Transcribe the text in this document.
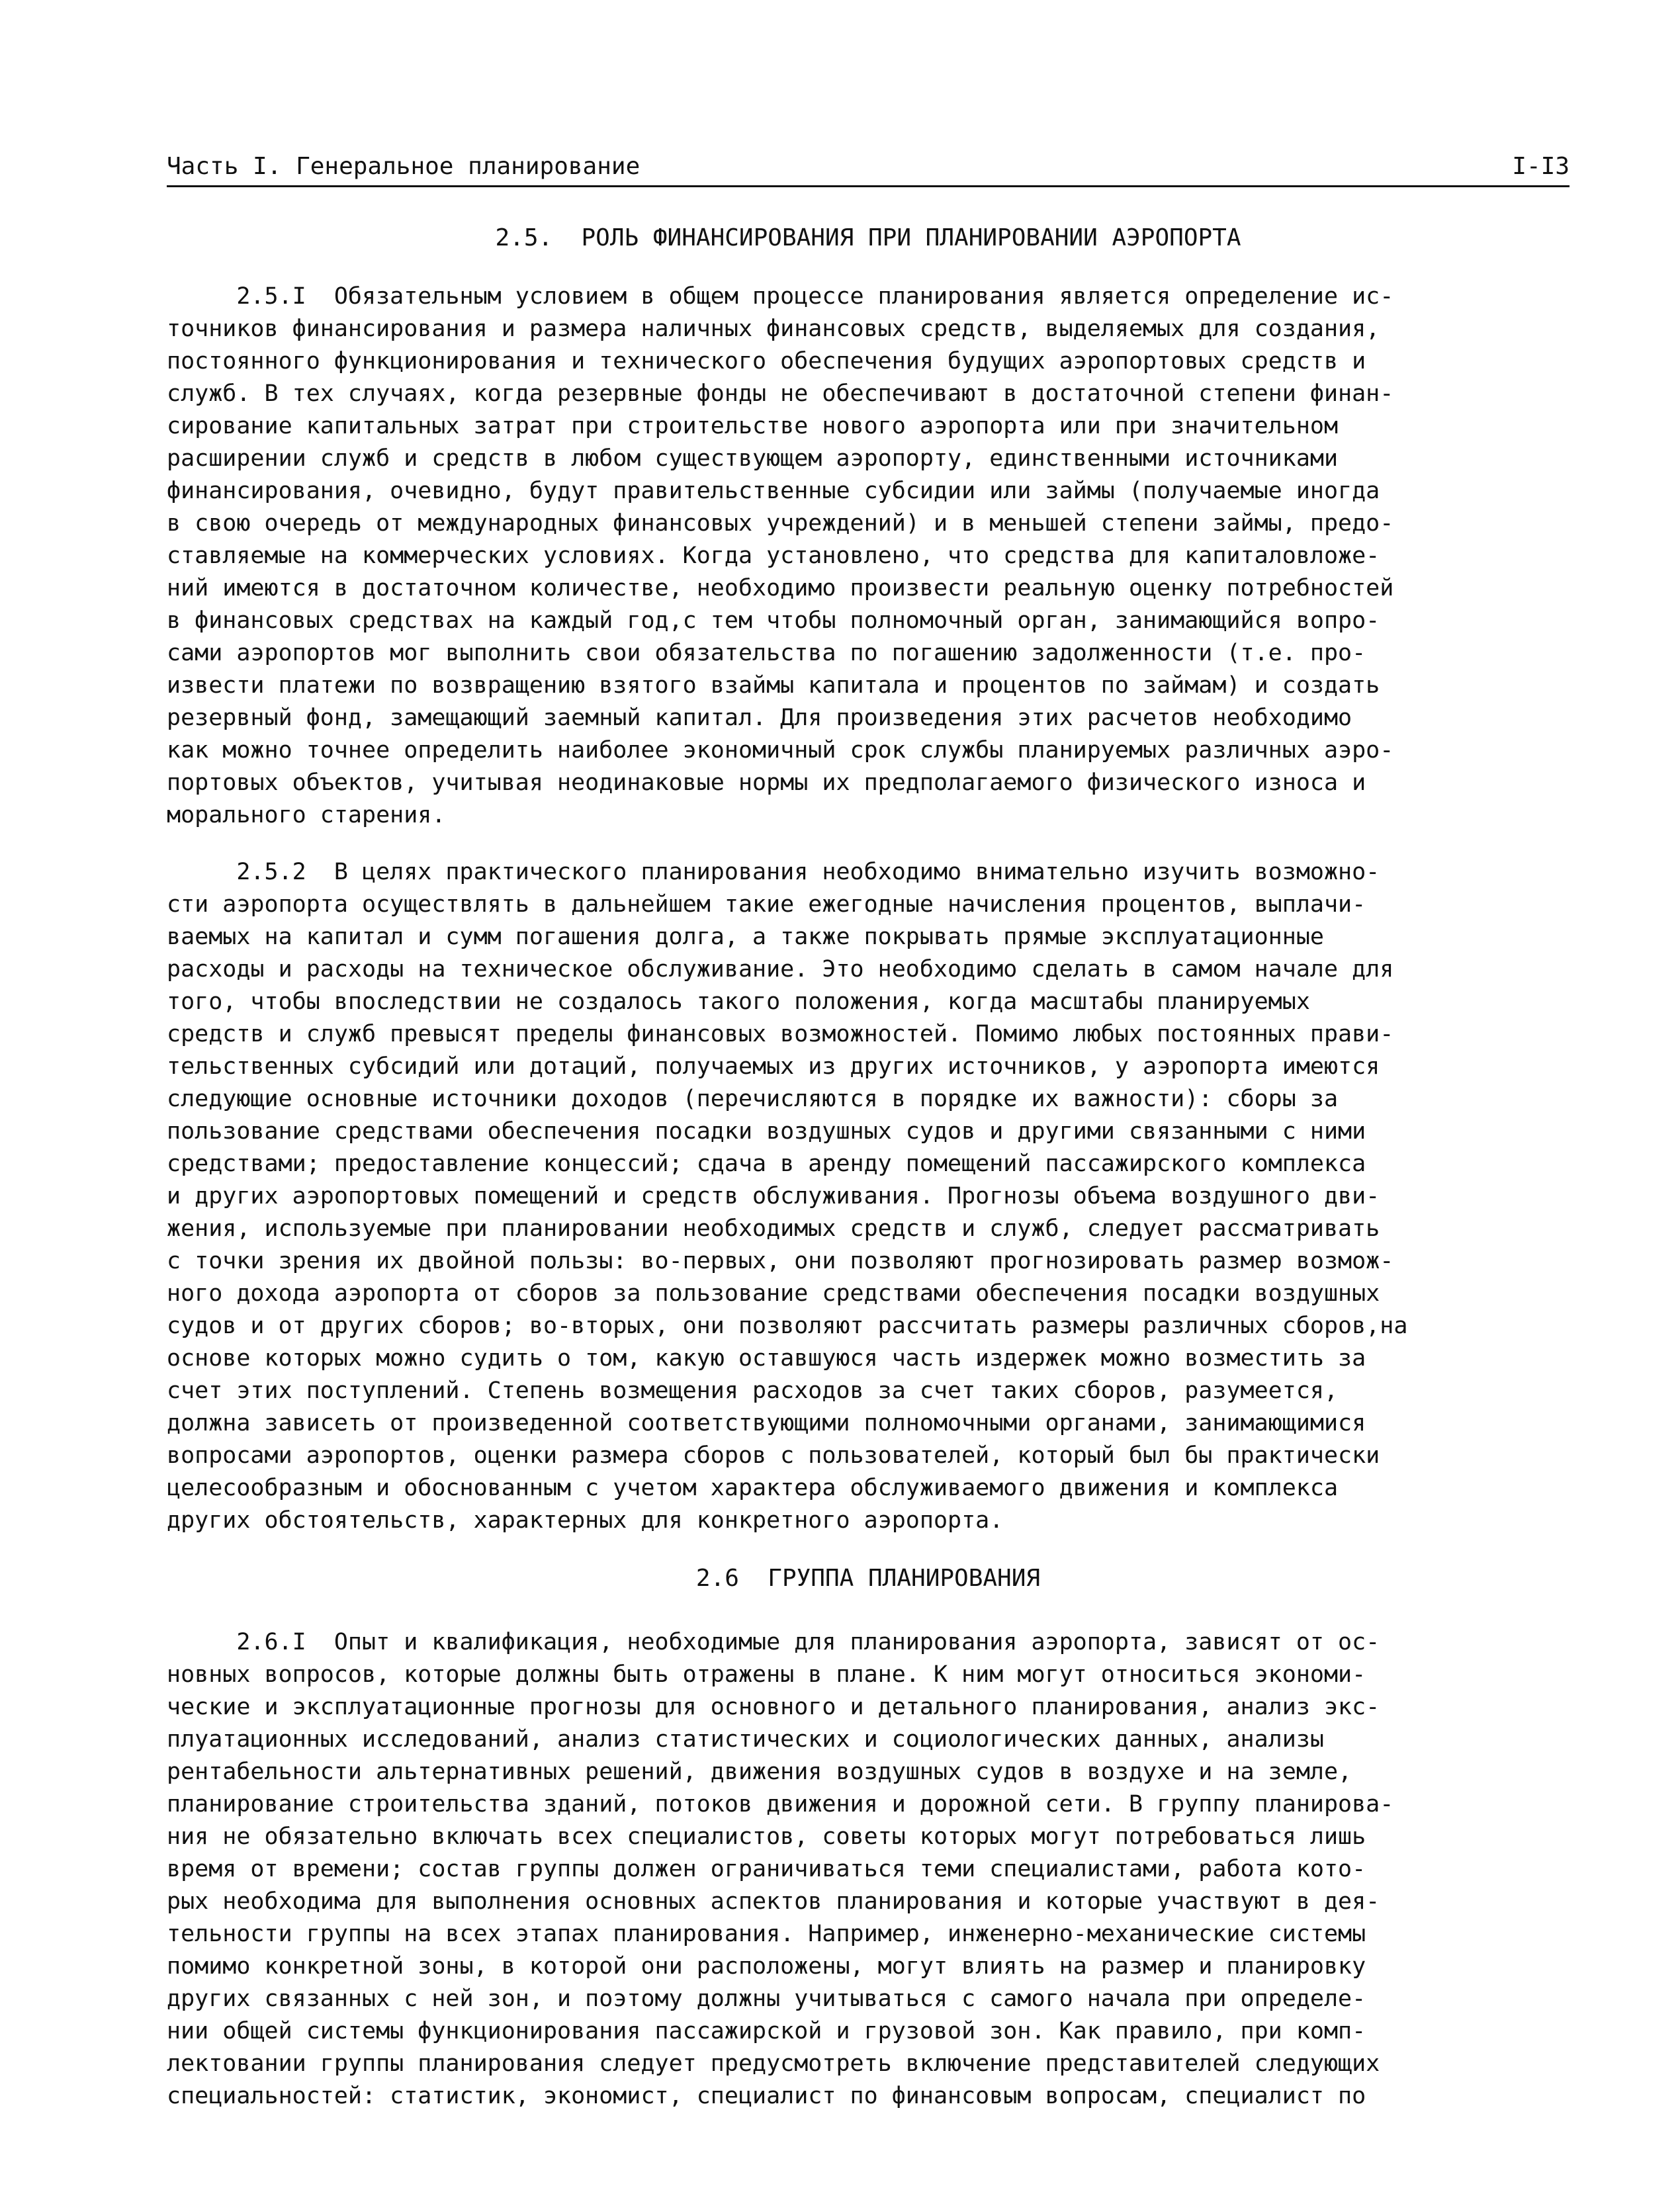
Часть I. Генеральное планирование	I-I3
2.5.  РОЛЬ ФИНАНСИРОВАНИЯ ПРИ ПЛАНИРОВАНИИ АЭРОПОРТА
2.5.I  Обязательным условием в общем процессе планирования является определение ис-
точников финансирования и размера наличных финансовых средств, выделяемых для создания,
постоянного функционирования и технического обеспечения будущих аэропортовых средств и
служб. В тех случаях, когда резервные фонды не обеспечивают в достаточной степени финан-
сирование капитальных затрат при строительстве нового аэропорта или при значительном
расширении служб и средств в любом существующем аэропорту, единственными источниками
финансирования, очевидно, будут правительственные субсидии или займы (получаемые иногда
в свою очередь от международных финансовых учреждений) и в меньшей степени займы, предо-
ставляемые на коммерческих условиях. Когда установлено, что средства для капиталовложе-
ний имеются в достаточном количестве, необходимо произвести реальную оценку потребностей
в финансовых средствах на каждый год,с тем чтобы полномочный орган, занимающийся вопро-
сами аэропортов мог выполнить свои обязательства по погашению задолженности (т.е. про-
извести платежи по возвращению взятого взаймы капитала и процентов по займам) и создать
резервный фонд, замещающий заемный капитал. Для произведения этих расчетов необходимо
как можно точнее определить наиболее экономичный срок службы планируемых различных аэро-
портовых объектов, учитывая неодинаковые нормы их предполагаемого физического износа и
морального старения.
2.5.2  В целях практического планирования необходимо внимательно изучить возможно-
сти аэропорта осуществлять в дальнейшем такие ежегодные начисления процентов, выплачи-
ваемых на капитал и сумм погашения долга, а также покрывать прямые эксплуатационные
расходы и расходы на техническое обслуживание. Это необходимо сделать в самом начале для
того, чтобы впоследствии не создалось такого положения, когда масштабы планируемых
средств и служб превысят пределы финансовых возможностей. Помимо любых постоянных прави-
тельственных субсидий или дотаций, получаемых из других источников, у аэропорта имеются
следующие основные источники доходов (перечисляются в порядке их важности): сборы за
пользование средствами обеспечения посадки воздушных судов и другими связанными с ними
средствами; предоставление концессий; сдача в аренду помещений пассажирского комплекса
и других аэропортовых помещений и средств обслуживания. Прогнозы объема воздушного дви-
жения, используемые при планировании необходимых средств и служб, следует рассматривать
с точки зрения их двойной пользы: во-первых, они позволяют прогнозировать размер возмож-
ного дохода аэропорта от сборов за пользование средствами обеспечения посадки воздушных
судов и от других сборов; во-вторых, они позволяют рассчитать размеры различных сборов,на
основе которых можно судить о том, какую оставшуюся часть издержек можно возместить за
счет этих поступлений. Степень возмещения расходов за счет таких сборов, разумеется,
должна зависеть от произведенной соответствующими полномочными органами, занимающимися
вопросами аэропортов, оценки размера сборов с пользователей, который был бы практически
целесообразным и обоснованным с учетом характера обслуживаемого движения и комплекса
других обстоятельств, характерных для конкретного аэропорта.
2.6  ГРУППА ПЛАНИРОВАНИЯ
2.6.I  Опыт и квалификация, необходимые для планирования аэропорта, зависят от ос-
новных вопросов, которые должны быть отражены в плане. К ним могут относиться экономи-
ческие и эксплуатационные прогнозы для основного и детального планирования, анализ экс-
плуатационных исследований, анализ статистических и социологических данных, анализы
рентабельности альтернативных решений, движения воздушных судов в воздухе и на земле,
планирование строительства зданий, потоков движения и дорожной сети. В группу планирова-
ния не обязательно включать всех специалистов, советы которых могут потребоваться лишь
время от времени; состав группы должен ограничиваться теми специалистами, работа кото-
рых необходима для выполнения основных аспектов планирования и которые участвуют в дея-
тельности группы на всех этапах планирования. Например, инженерно-механические системы
помимо конкретной зоны, в которой они расположены, могут влиять на размер и планировку
других связанных с ней зон, и поэтому должны учитываться с самого начала при определе-
нии общей системы функционирования пассажирской и грузовой зон. Как правило, при комп-
лектовании группы планирования следует предусмотреть включение представителей следующих
специальностей: статистик, экономист, специалист по финансовым вопросам, специалист по
